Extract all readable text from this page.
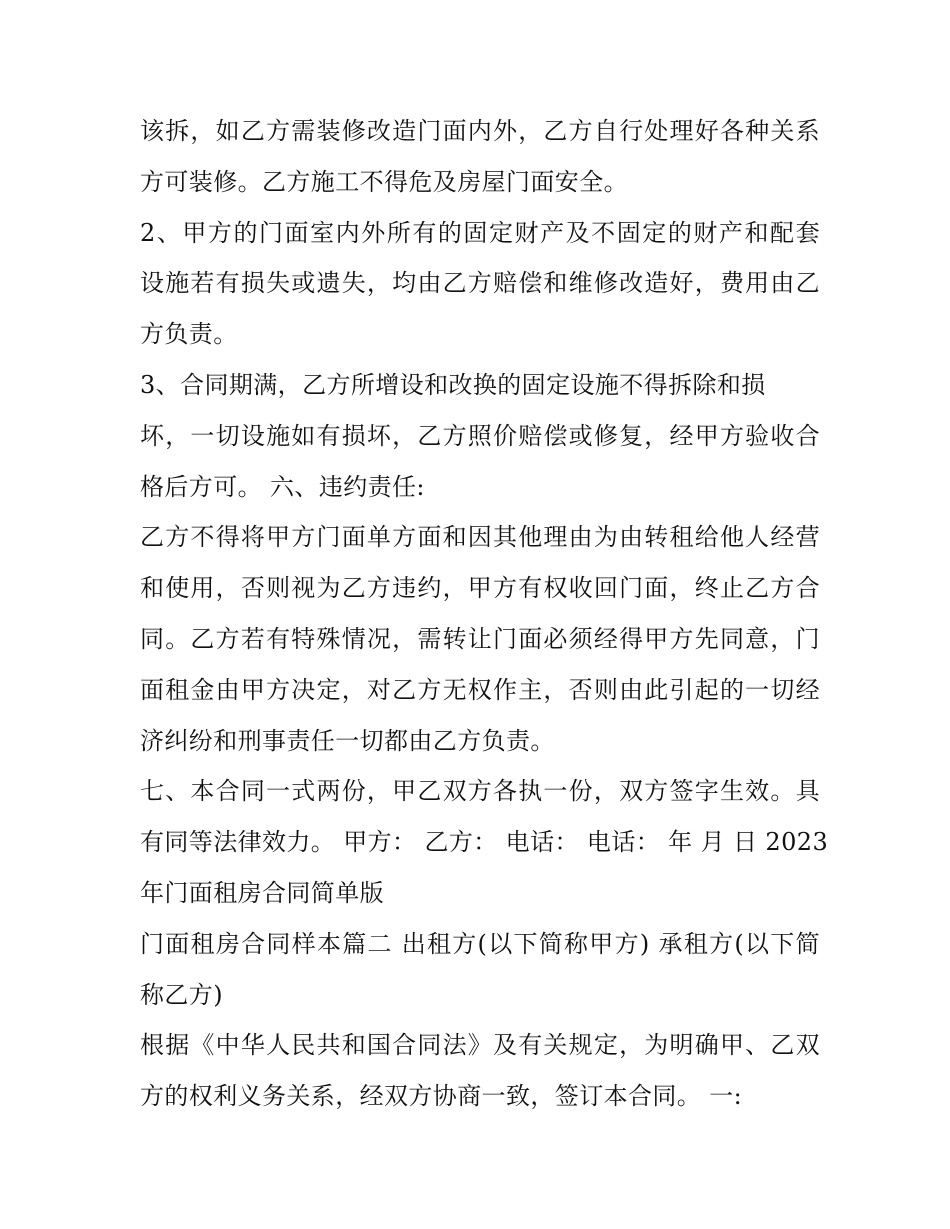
该拆，如乙方需装修改造门面内外，乙方自行处理好各种关系
方可装修。乙方施工不得危及房屋门面安全。
2、甲方的门面室内外所有的固定财产及不固定的财产和配套
设施若有损失或遗失，均由乙方赔偿和维修改造好，费用由乙
方负责。
3、合同期满，乙方所增设和改换的固定设施不得拆除和损
坏，一切设施如有损坏，乙方照价赔偿或修复，经甲方验收合
格后方可。 六、违约责任:
乙方不得将甲方门面单方面和因其他理由为由转租给他人经营
和使用，否则视为乙方违约，甲方有权收回门面，终止乙方合
同。乙方若有特殊情况，需转让门面必须经得甲方先同意，门
面租金由甲方决定，对乙方无权作主，否则由此引起的一切经
济纠纷和刑事责任一切都由乙方负责。
七、本合同一式两份，甲乙双方各执一份，双方签字生效。具
有同等法律效力。 甲方： 乙方： 电话： 电话： 年 月 日 2023
年门面租房合同简单版
门面租房合同样本篇二 出租方(以下简称甲方) 承租方(以下简
称乙方)
根据《中华人民共和国合同法》及有关规定，为明确甲、乙双
方的权利义务关系，经双方协商一致，签订本合同。 一:
